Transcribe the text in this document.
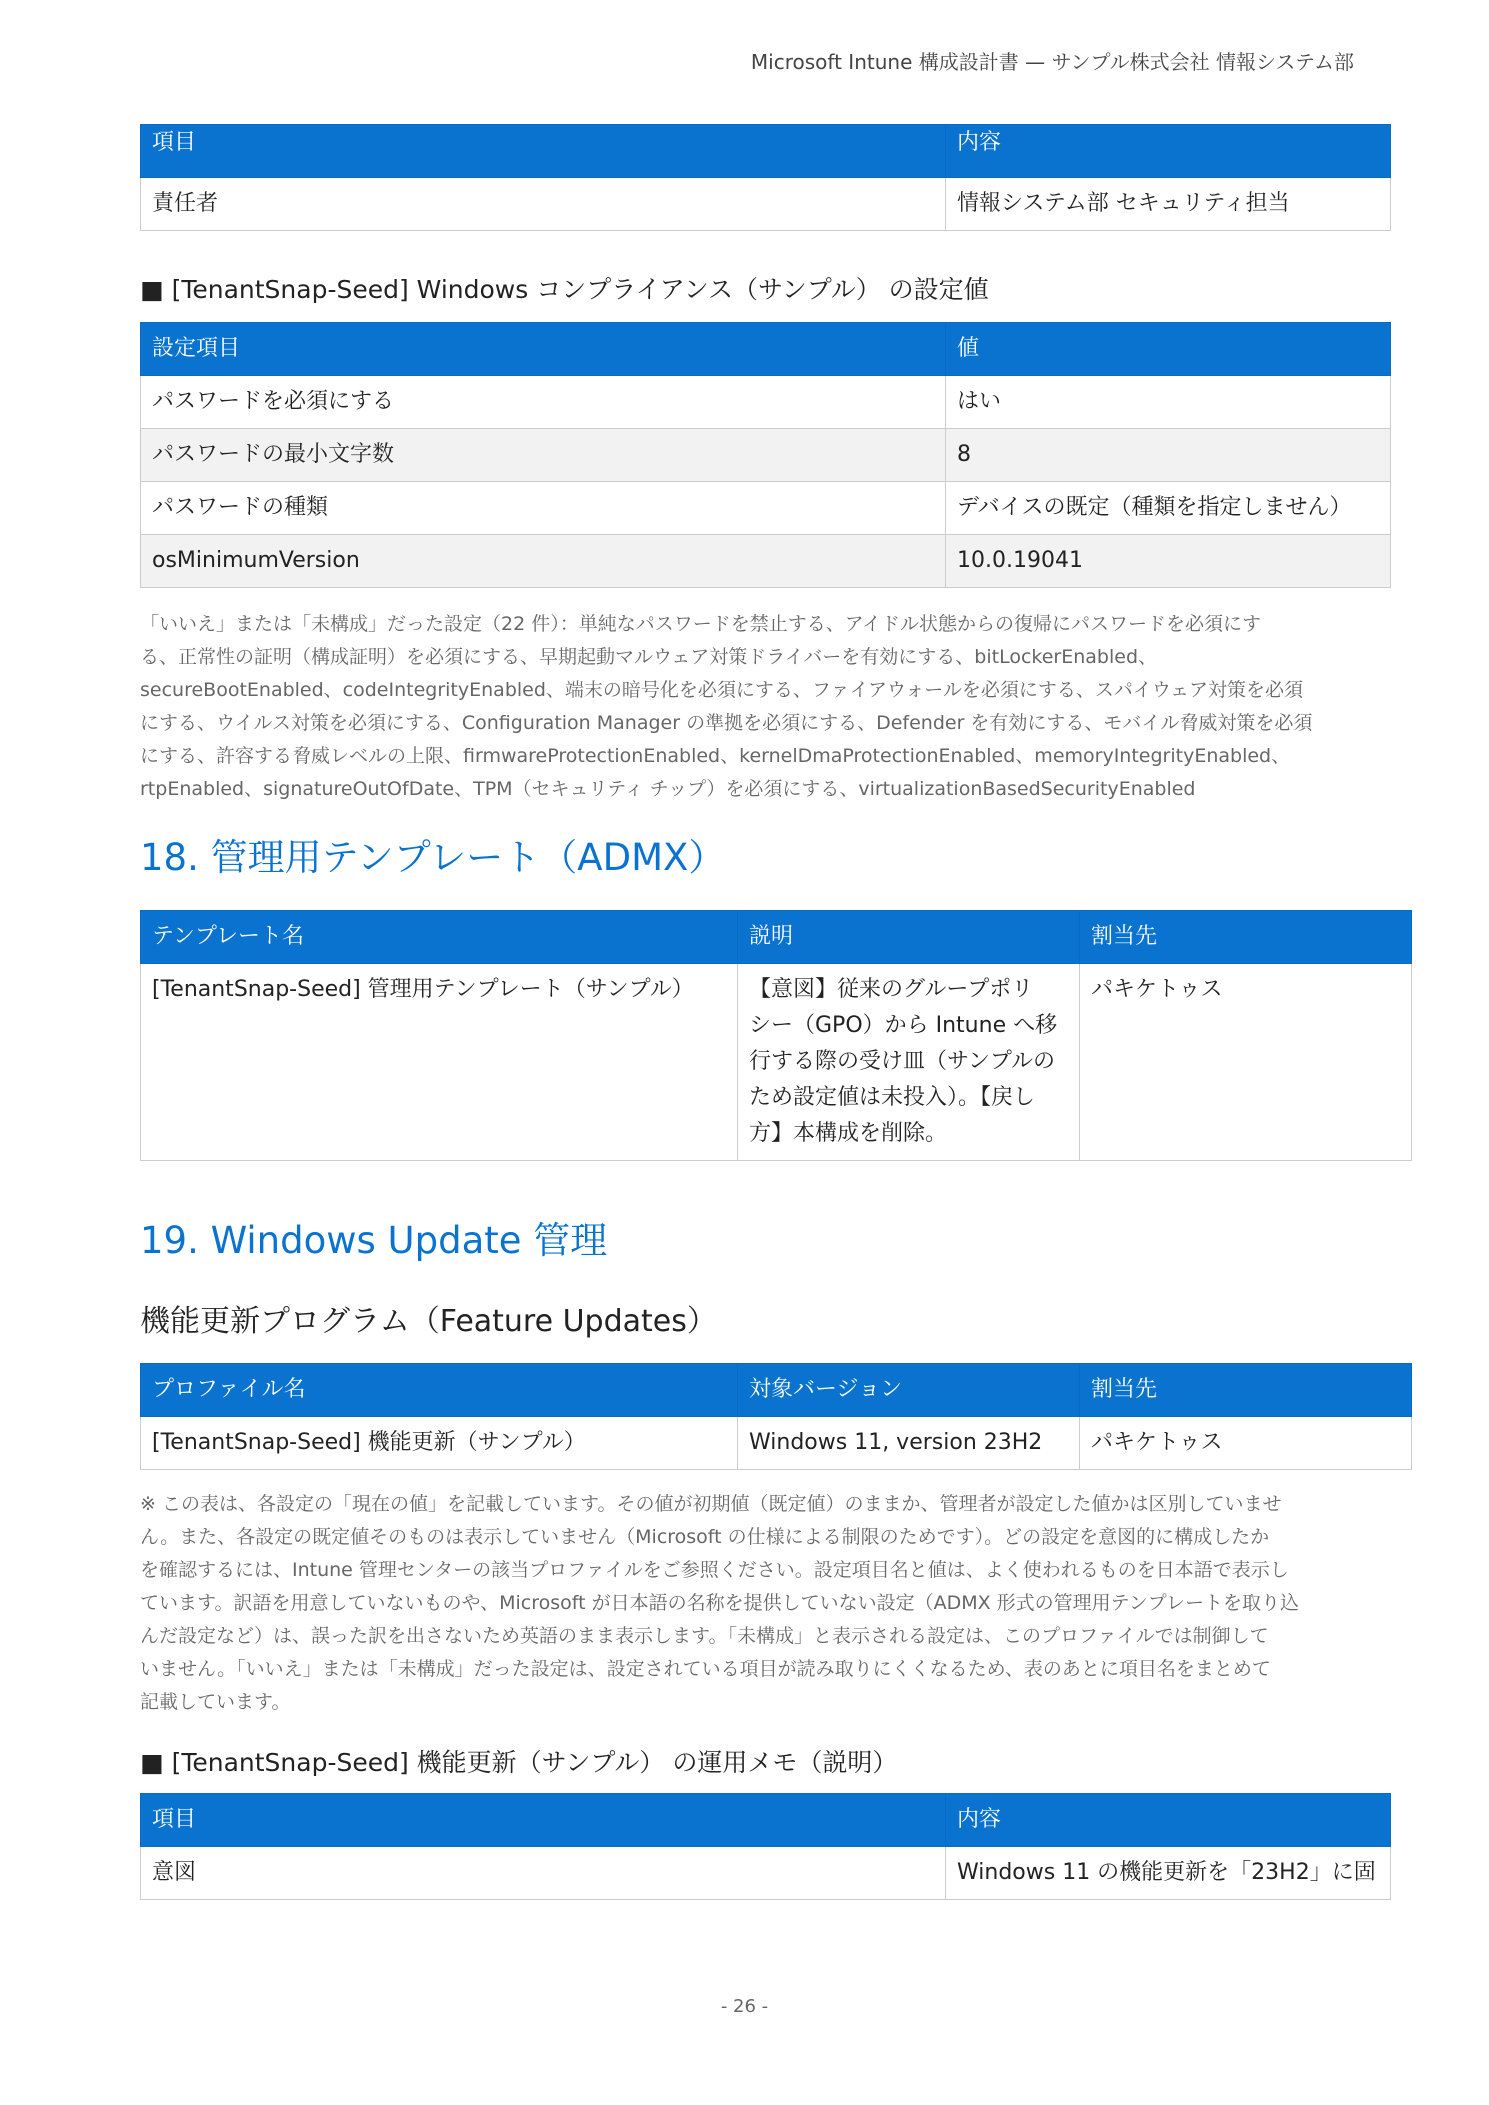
Microsoft Intune 構成設計書 — サンプル株式会社 情報システム部
項目	内容
責任者	情報システム部 セキュリティ担当

■ [TenantSnap-Seed] Windows コンプライアンス（サンプル） の設定値

設定項目	値
パスワードを必須にする	はい
パスワードの最小文字数	8
パスワードの種類	デバイスの既定（種類を指定しません）
osMinimumVersion	10.0.19041
「いいえ」または「未構成」だった設定（22 件）：単純なパスワードを禁止する、アイドル状態からの復帰にパスワードを必須にす
る、正常性の証明（構成証明）を必須にする、早期起動マルウェア対策ドライバーを有効にする、bitLockerEnabled、
secureBootEnabled、codeIntegrityEnabled、端末の暗号化を必須にする、ファイアウォールを必須にする、スパイウェア対策を必須
にする、ウイルス対策を必須にする、Configuration Manager の準拠を必須にする、Defender を有効にする、モバイル脅威対策を必須
にする、許容する脅威レベルの上限、firmwareProtectionEnabled、kernelDmaProtectionEnabled、memoryIntegrityEnabled、
rtpEnabled、signatureOutOfDate、TPM（セキュリティ チップ）を必須にする、virtualizationBasedSecurityEnabled
18. 管理用テンプレート（ADMX）
テンプレート名	説明	割当先
[TenantSnap-Seed] 管理用テンプレート（サンプル）	【意図】従来のグループポリ
シー（GPO）から Intune へ移
行する際の受け皿（サンプルの
ため設定値は未投入）。【戻し
方】本構成を削除。	パキケトゥス
19. Windows Update 管理
機能更新プログラム（Feature Updates）
プロファイル名	対象バージョン	割当先
[TenantSnap-Seed] 機能更新（サンプル）	Windows 11, version 23H2	パキケトゥス
※ この表は、各設定の「現在の値」を記載しています。その値が初期値（既定値）のままか、管理者が設定した値かは区別していませ
ん。また、各設定の既定値そのものは表示していません（Microsoft の仕様による制限のためです）。どの設定を意図的に構成したか
を確認するには、Intune 管理センターの該当プロファイルをご参照ください。設定項目名と値は、よく使われるものを日本語で表示し
ています。訳語を用意していないものや、Microsoft が日本語の名称を提供していない設定（ADMX 形式の管理用テンプレートを取り込
んだ設定など）は、誤った訳を出さないため英語のまま表示します。「未構成」と表示される設定は、このプロファイルでは制御して
いません。「いいえ」または「未構成」だった設定は、設定されている項目が読み取りにくくなるため、表のあとに項目名をまとめて
記載しています。

■ [TenantSnap-Seed] 機能更新（サンプル） の運用メモ（説明）

項目	内容
意図	Windows 11 の機能更新を「23H2」に固
- 26 -
